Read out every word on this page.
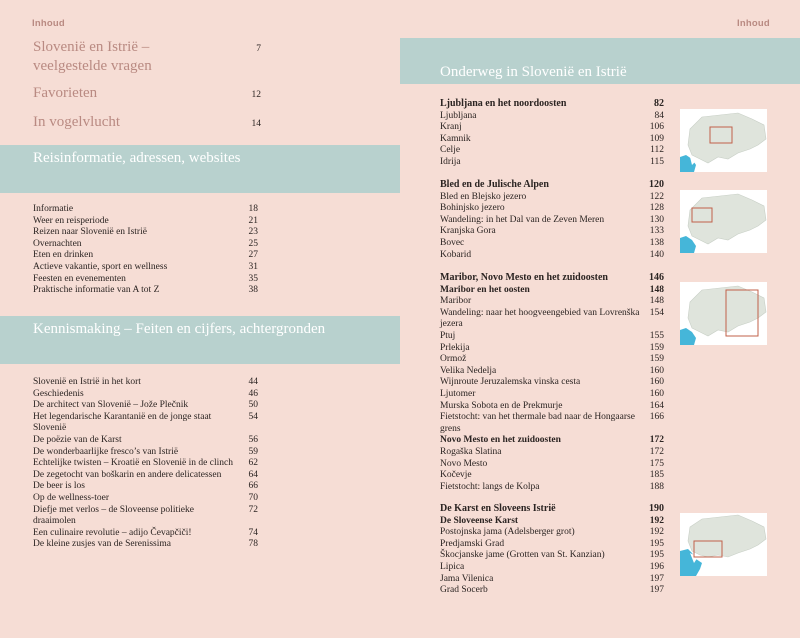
Inhoud	Inhoud
Slovenië en Istrië – veelgestelde vragen
7
Favorieten	12
In vogelvlucht	14
Reisinformatie, adressen, websites
Informatie	18
Weer en reisperiode	21
Reizen naar Slovenië en Istrië	23
Overnachten	25
Eten en drinken	27
Actieve vakantie, sport en wellness	31
Feesten en evenementen	35
Praktische informatie van A tot Z	38
Kennismaking – Feiten en cijfers, achtergronden
Slovenië en Istrië in het kort	44
Geschiedenis	46
De architect van Slovenië – Jože Plečnik	50
Het legendarische Karantanië en de jonge staat Slovenië
54
De poëzie van de Karst	56
De wonderbaarlijke fresco’s van Istrië	59
Echtelijke twisten – Kroatië en Slovenië in de clinch	62
De zegetocht van boškarin en andere delicatessen	64
De beer is los	66
Op de wellness-toer	70
Diefje met verlos – de Sloveense politieke draaimolen
72
Een culinaire revolutie – adijo Čevapčiči!	74
De kleine zusjes van de Serenissima	78
Onderweg in Slovenië en Istrië
Ljubljana en het noordoosten	82
Ljubljana	84
Kranj	106
Kamnik	109
Celje	112
Idrija	115
Bled en de Julische Alpen	120
Bled en Blejsko jezero	122
Bohinjsko jezero	128
Wandeling: in het Dal van de Zeven Meren	130
Kranjska Gora	133
Bovec	138
Kobarid	140
Maribor, Novo Mesto en het zuidoosten	146
Maribor en het oosten	148
Maribor	148
Wandeling: naar het hoogveengebied van Lovrenška jezera
154
Ptuj	155
Prlekija	159
Ormož	159
Velika Nedelja	160
Wijnroute Jeruzalemska vinska cesta	160
Ljutomer	160
Murska Sobota en de Prekmurje	164
Fietstocht: van het thermale bad naar de Hongaarse grens
166
Novo Mesto en het zuidoosten	172
Rogaška Slatina	172
Novo Mesto	175
Kočevje	185
Fietstocht: langs de Kolpa	188
De Karst en Sloveens Istrië	190
De Sloveense Karst	192
Postojnska jama (Adelsberger grot)	192
Predjamski Grad	195
Škocjanske jame (Grotten van St. Kanzian)	195
Lipica	196
Jama Vilenica	197
Grad Socerb	197
